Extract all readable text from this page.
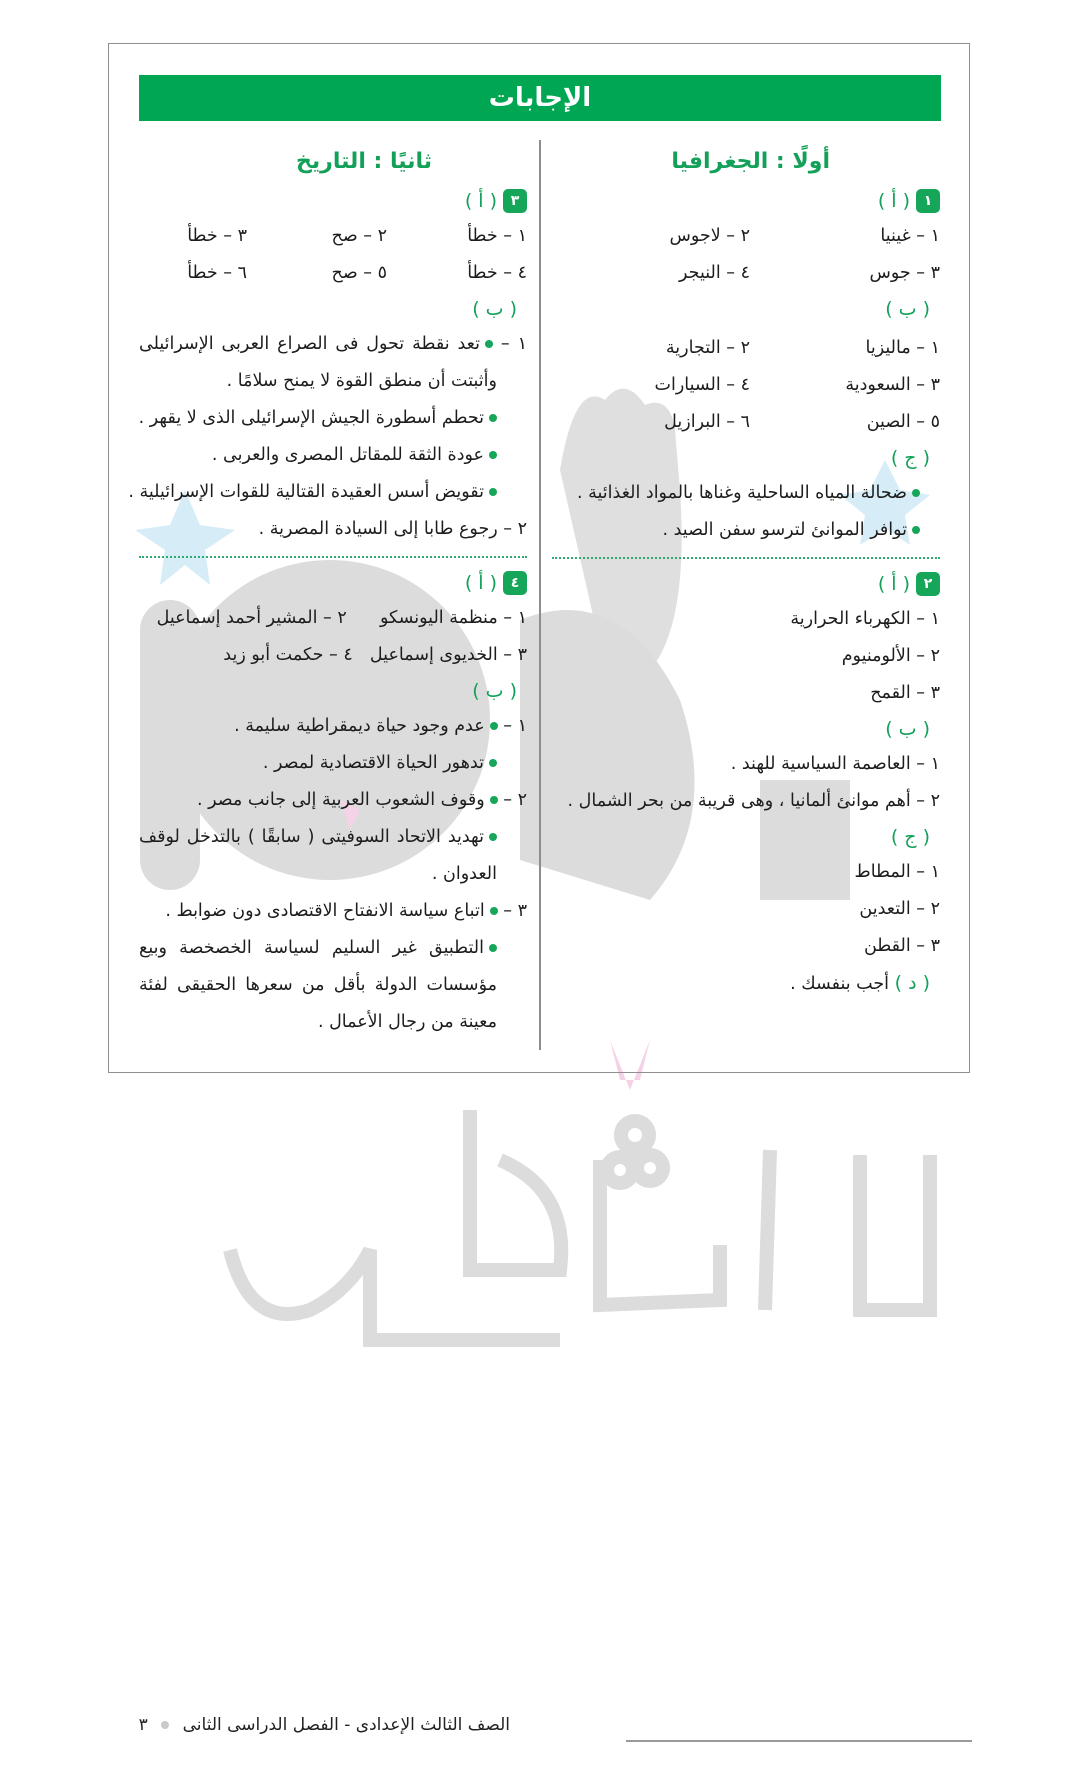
الإجابات
أولًا : الجغرافيا
١
( أ )
١ – غينيا
٢ – لاجوس
٣ – جوس
٤ – النيجر
( ب )
١ – ماليزيا
٢ – التجارية
٣ – السعودية
٤ – السيارات
٥ – الصين
٦ – البرازيل
( ج )
ضحالة المياه الساحلية وغناها بالمواد الغذائية .
توافر الموانئ لترسو سفن الصيد .
٢
( أ )
١ – الكهرباء الحرارية
٢ – الألومنيوم
٣ – القمح
( ب )
١ – العاصمة السياسية للهند .
٢ – أهم موانئ ألمانيا ، وهى قريبة من بحر الشمال .
( ج )
١ – المطاط
٢ – التعدين
٣ – القطن
( د ) أجب بنفسك .
ثانيًا : التاريخ
٣
( أ )
١ – خطأ
٢ – صح
٣ – خطأ
٤ – خطأ
٥ – صح
٦ – خطأ
( ب )
١ – تعد نقطة تحول فى الصراع العربى الإسرائيلى وأثبتت أن منطق القوة لا يمنح سلامًا .
تحطم أسطورة الجيش الإسرائيلى الذى لا يقهر .
عودة الثقة للمقاتل المصرى والعربى .
تقويض أسس العقيدة القتالية للقوات الإسرائيلية .
٢ – رجوع طابا إلى السيادة المصرية .
٤
( أ )
١ – منظمة اليونسكو  ٢ – المشير أحمد إسماعيل
٣ – الخديوى إسماعيل  ٤ – حكمت أبو زيد
( ب )
١ – عدم وجود حياة ديمقراطية سليمة .
تدهور الحياة الاقتصادية لمصر .
٢ – وقوف الشعوب العربية إلى جانب مصر .
تهديد الاتحاد السوفيتى ( سابقًا ) بالتدخل لوقف العدوان .
٣ – اتباع سياسة الانفتاح الاقتصادى دون ضوابط .
التطبيق غير السليم لسياسة الخصخصة وبيع مؤسسات الدولة بأقل من سعرها الحقيقى لفئة معينة من رجال الأعمال .
الصف الثالث الإعدادى - الفصل الدراسى الثانى  ٣
